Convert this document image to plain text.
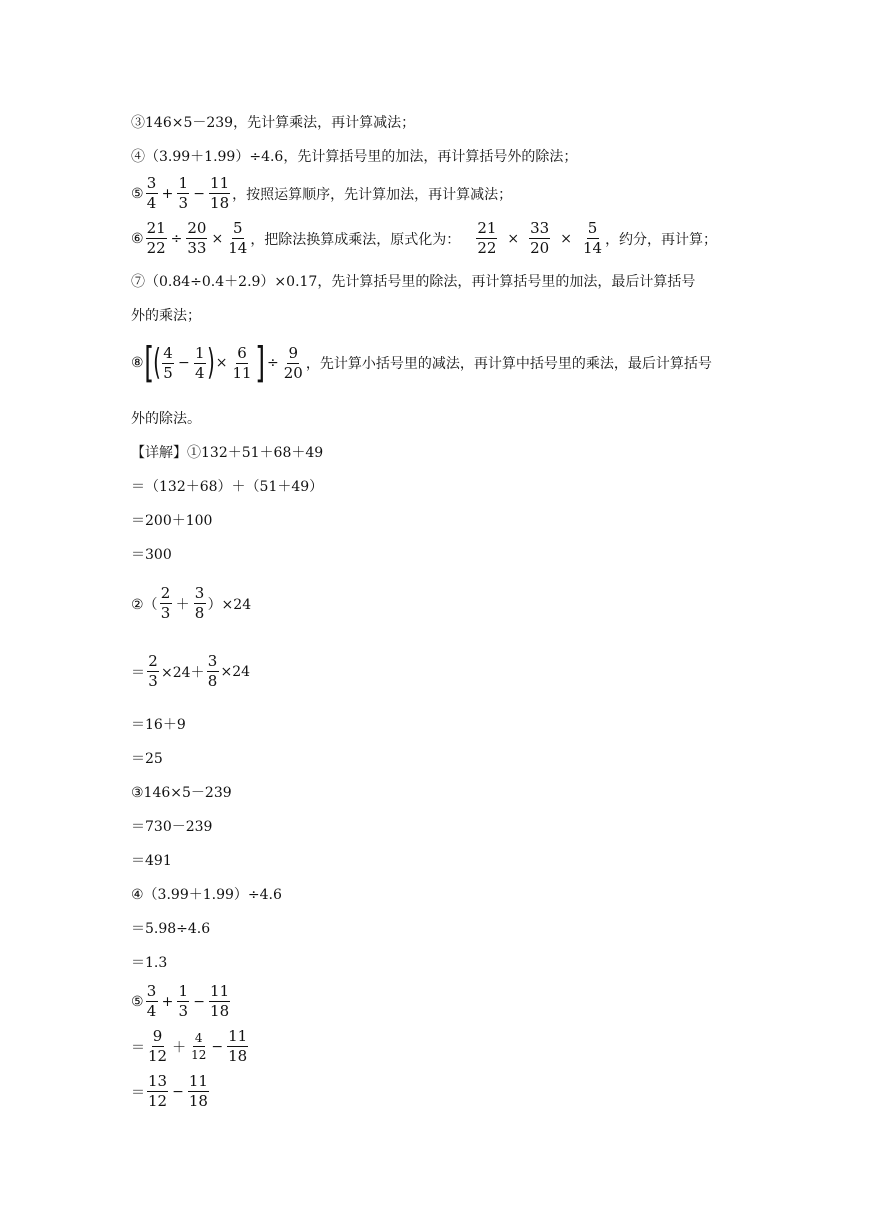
③146×5－239，先计算乘法，再计算减法；
④（3.99＋1.99）÷4.6，先计算括号里的加法，再计算括号外的除法；
⑤ $\frac{3}{4} + \frac{1}{3} - \frac{11}{18}$ ，按照运算顺序，先计算加法，再计算减法；
⑥ $\frac{21}{22} \div \frac{20}{33} \times \frac{5}{14}$ ，把除法换算成乘法，原式化为： $\frac{21}{22} \times \frac{33}{20} \times \frac{5}{14}$ ，约分，再计算；
⑦（0.84÷0.4＋2.9）×0.17，先计算括号里的除法，再计算括号里的加法，最后计算括号
外的乘法；
⑧ [ ( $\frac{4}{5} - \frac{1}{4}$ ) × $\frac{6}{11}$ ] ÷ $\frac{9}{20}$ ，先计算小括号里的减法，再计算中括号里的乘法，最后计算括号
外的除法。
【详解】①132＋51＋68＋49
＝（132＋68）＋（51＋49）
＝200＋100
＝300
②（ $\frac{2}{3} + \frac{3}{8} )\times 24$
＝ $\frac{2}{3} \times 24+ \frac{3}{8} \times 24$
＝16＋9
＝25
③146×5－239
＝730－239
＝491
④（3.99＋1.99）÷4.6
＝5.98÷4.6
＝1.3
⑤ $\frac{3}{4} + \frac{1}{3} - \frac{11}{18}$
＝ $\frac{9}{12} + \frac{4}{12} - \frac{11}{18}$
＝ $\frac{13}{12} - \frac{11}{18}$
